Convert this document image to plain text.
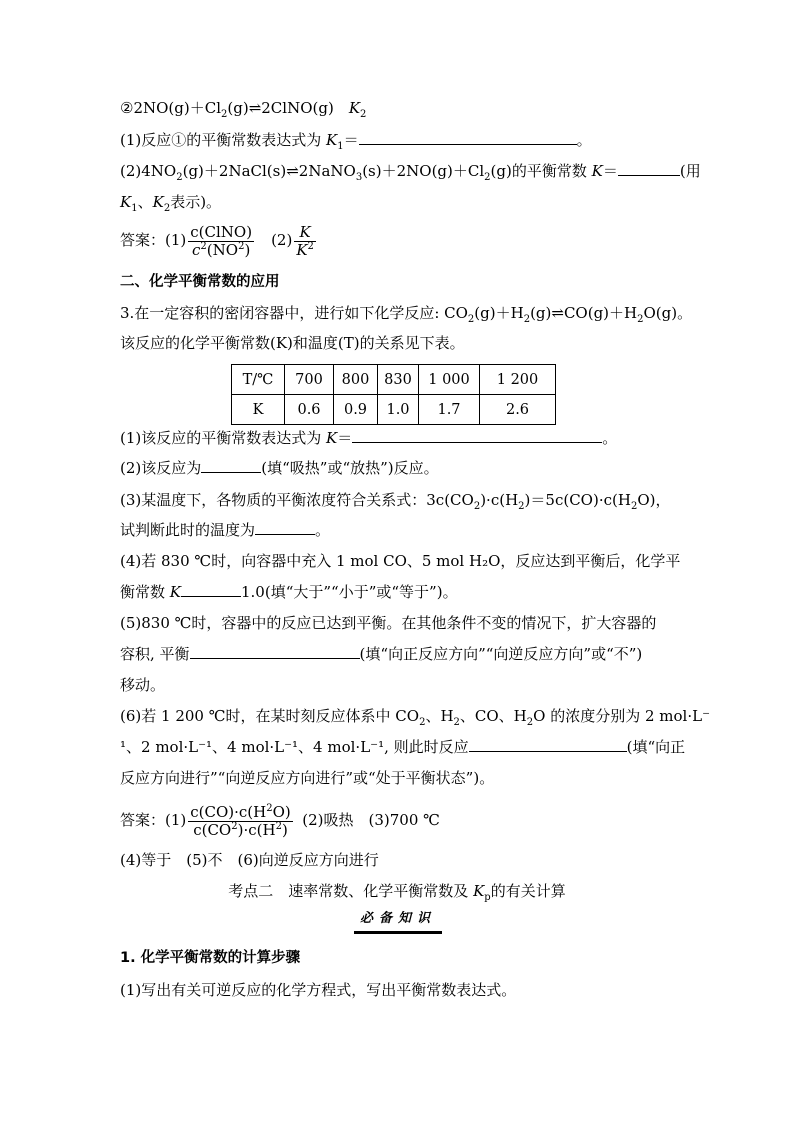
$②2NO(g)+Cl_2(g)\rightleftharpoons 2ClNO(g)$  $K_2$
(1)反应①的平衡常数表达式为 $K_1=$	。
$(2)4NO_2(g)+2NaCl(s)\rightleftharpoons 2NaNO_3(s)+2NO(g)+Cl_2(g)$的平衡常数 K＝	(用
$K_1$、$K_2$表示)。
答案：$(1) \frac{\text{c(ClNO)}}{c^2(NO^2)}$
  $(2) \frac{K}{K^2}$
二、化学平衡常数的应用
3.在一定容积的密闭容器中，进行如下化学反应: $CO_2(g)+H_2(g)\rightleftharpoons CO(g)+H_2O(g)$。
该反应的化学平衡常数(K)和温度(T)的关系见下表。
T/℃	700	800	830	1 000	1 200
K	0.6	0.9	1.0	1.7	2.6
(1)该反应的平衡常数表达式为 K＝	。
(2)该反应为	(填“吸热”或“放热”)反应。
(3)某温度下，各物质的平衡浓度符合关系式：$3c(CO_2)\cdot c(H_2)=5c(CO)\cdot c(H_2O)$，
试判断此时的温度为	。
(4)若 830 ℃时，向容器中充入 1 mol CO、5 mol H₂O，反应达到平衡后，化学平
衡常数 K	1.0(填“大于”“小于”或“等于”)。
(5)830 ℃时，容器中的反应已达到平衡。在其他条件不变的情况下，扩大容器的
容积, 平衡	(填“向正反应方向”“向逆反应方向”或“不”)
移动。
(6)若 1 200 ℃时，在某时刻反应体系中 $CO_2$、$H_2$、CO、$H_2O$ 的浓度分别为 2 mol·L⁻
¹、2 mol·L⁻¹、4 mol·L⁻¹、4 mol·L⁻¹, 则此时反应	(填“向正
反应方向进行”“向逆反应方向进行”或“处于平衡状态”)。
答案：$(1) \frac{c(CO)\cdot c(H^2O)}{c(CO^2)\cdot c(H^2)}$
  (2)吸热　(3)700 ℃
(4)等于　(5)不　(6)向逆反应方向进行
考点二　速率常数、化学平衡常数及 $K_p$的有关计算
必备知识
1. 化学平衡常数的计算步骤
(1)写出有关可逆反应的化学方程式，写出平衡常数表达式。
